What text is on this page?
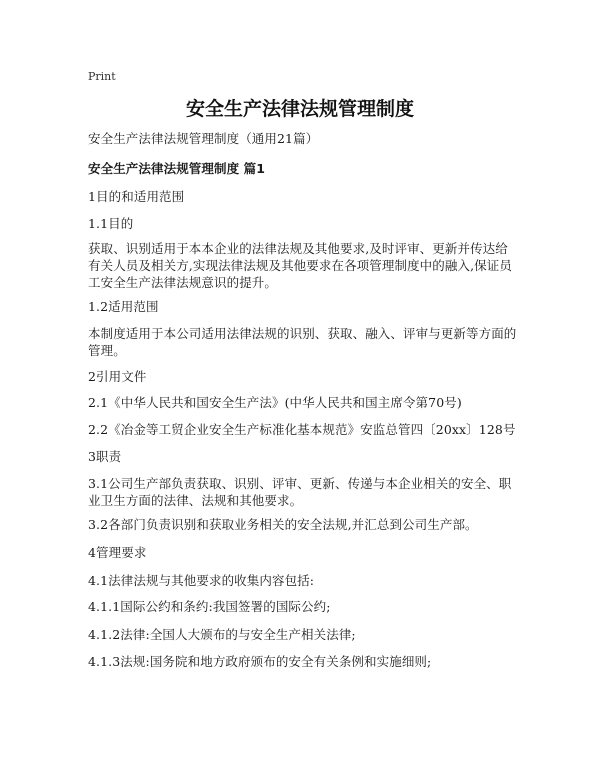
Print
安全生产法律法规管理制度
安全生产法律法规管理制度（通用21篇）
安全生产法律法规管理制度 篇1
1目的和适用范围
1.1目的
获取、识别适用于本本企业的法律法规及其他要求,及时评审、更新并传达给有关人员及相关方,实现法律法规及其他要求在各项管理制度中的融入,保证员工安全生产法律法规意识的提升。
1.2适用范围
本制度适用于本公司适用法律法规的识别、获取、融入、评审与更新等方面的管理。
2引用文件
2.1《中华人民共和国安全生产法》(中华人民共和国主席令第70号)
2.2《冶金等工贸企业安全生产标准化基本规范》安监总管四〔20xx〕128号
3职责
3.1公司生产部负责获取、识别、评审、更新、传递与本企业相关的安全、职业卫生方面的法律、法规和其他要求。
3.2各部门负责识别和获取业务相关的安全法规,并汇总到公司生产部。
4管理要求
4.1法律法规与其他要求的收集内容包括:
4.1.1国际公约和条约:我国签署的国际公约;
4.1.2法律:全国人大颁布的与安全生产相关法律;
4.1.3法规:国务院和地方政府颁布的安全有关条例和实施细则;
